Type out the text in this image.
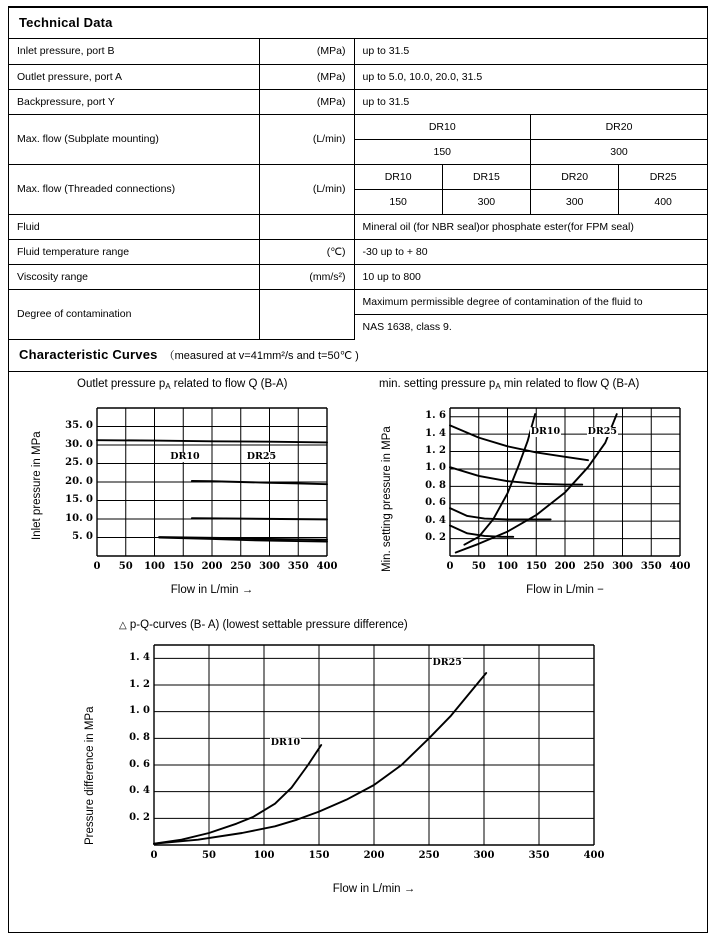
Technical Data
Inlet pressure, port B	(MPa)	up to 31.5			
Outlet pressure, port A	(MPa)	up to 5.0, 10.0, 20.0, 31.5			
Backpressure, port Y	(MPa)	up to 31.5			
Max. flow (Subplate mounting)	(L/min)	DR10		DR20	
		150		300	
Max. flow (Threaded connections)	(L/min)	DR10	DR15	DR20	DR25
		150	300	300	400
Fluid		Mineral oil (for NBR seal)or phosphate ester(for FPM seal)			
Fluid temperature range	(℃)	-30 up to + 80			
Viscosity range	(mm/s²)	10 up to 800			
Degree of contamination		Maximum permissible degree of contamination of the fluid to			
		NAS 1638, class 9.			
Characteristic Curves （measured at v=41mm²/s and t=50℃ )
Outlet pressure $p_A$ related to flow Q (B-A)
Inlet pressure in MPa
Flow in L/min →
35. 0
30. 0
25. 0
20. 0
15. 0
10. 0
5. 0
0	50	100 150 200 250 300 350 400
DR10	DR25
min. setting pressure $p_A$ min related to flow Q (B-A)
Min. setting pressure in MPa
Flow in L/min −
1. 6
1. 4
1. 2
1. 0
0. 8
0. 6
0. 4
0. 2
0	50	100 150 200 250 300 350 400
DR10	DR25
△ p-Q-curves (B- A) (lowest settable pressure difference)
Pressure difference in MPa
Flow in L/min →
1. 4
1. 2
1. 0
0. 8
0. 6
0. 4
0. 2
0	50	100	150	200	250	300	350	400
DR10
DR25
